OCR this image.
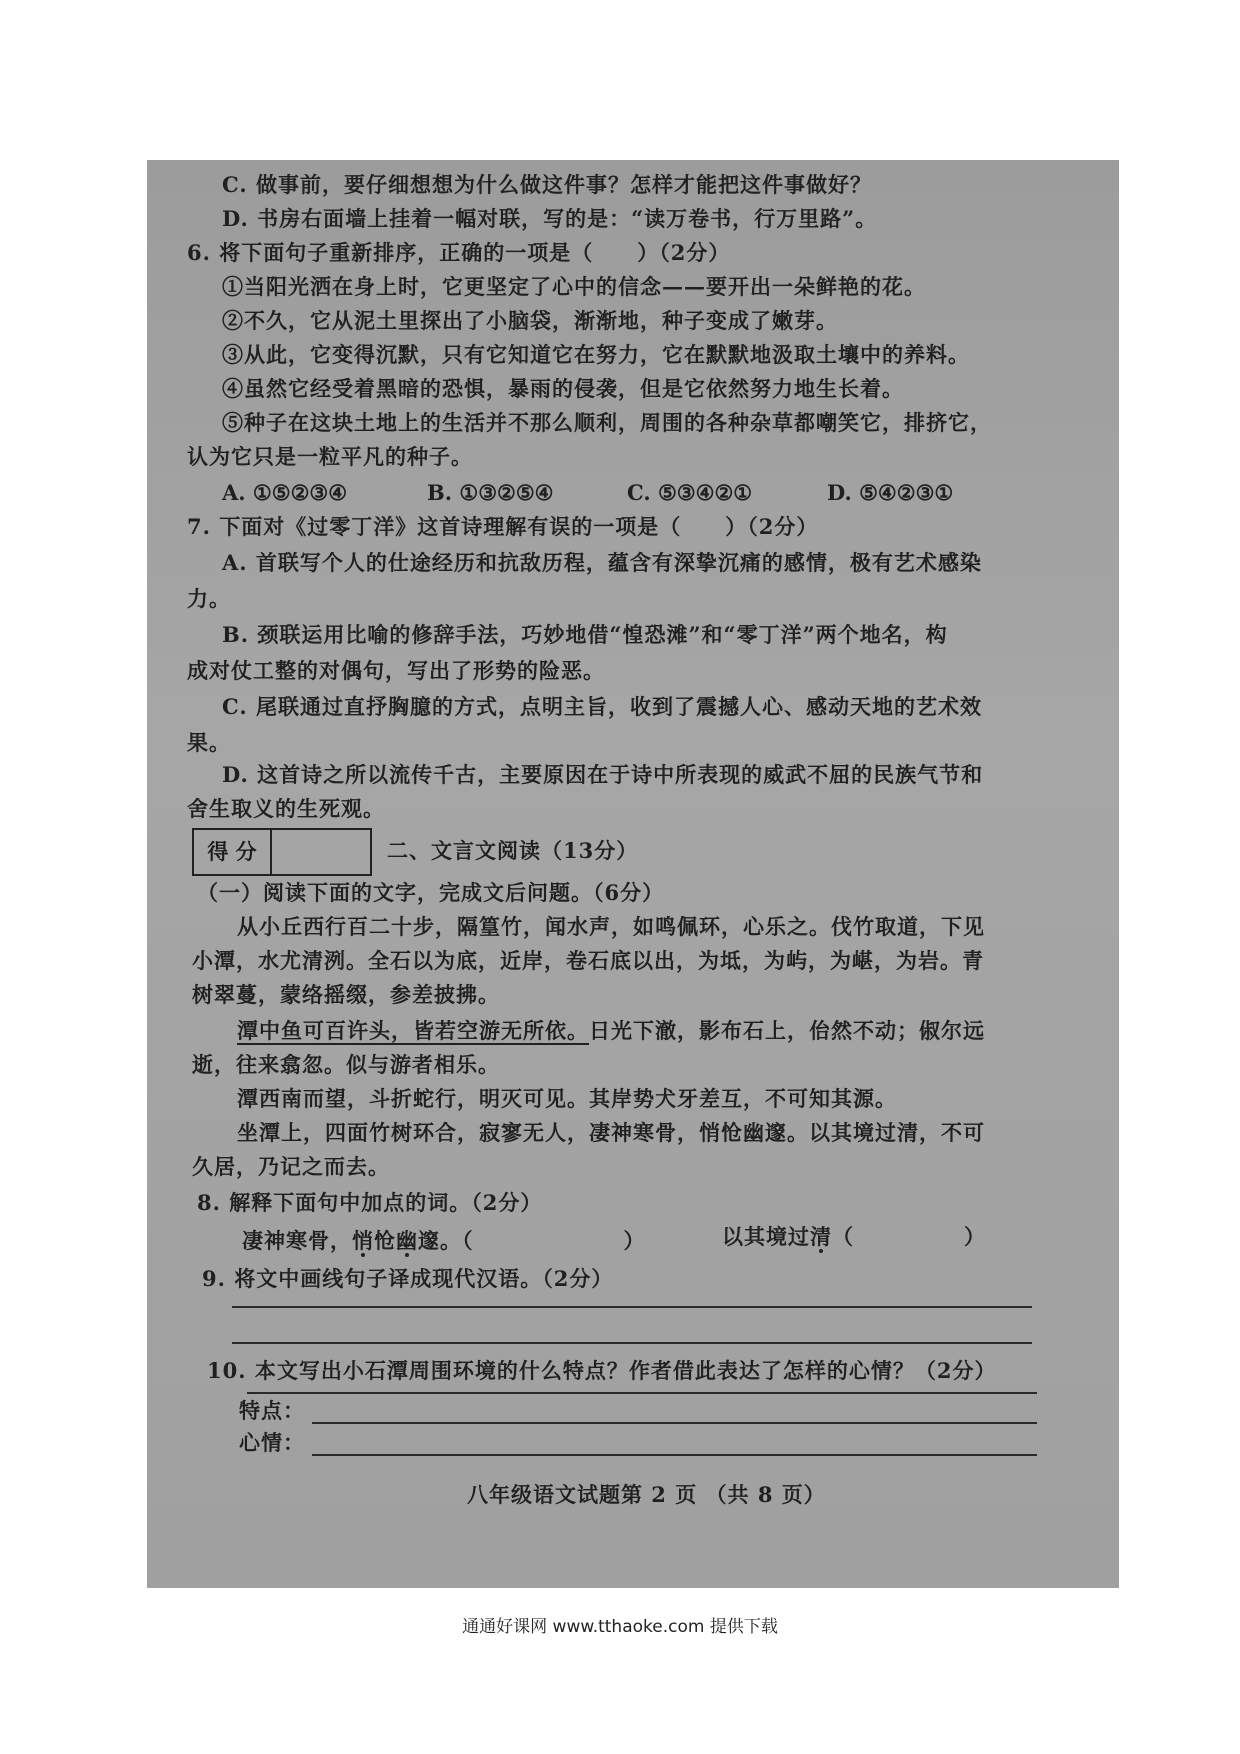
C. 做事前，要仔细想想为什么做这件事？怎样才能把这件事做好？
D. 书房右面墙上挂着一幅对联，写的是：“读万卷书，行万里路”。
6. 将下面句子重新排序，正确的一项是（　　）（2分）
①当阳光洒在身上时，它更坚定了心中的信念——要开出一朵鲜艳的花。
②不久，它从泥土里探出了小脑袋，渐渐地，种子变成了嫩芽。
③从此，它变得沉默，只有它知道它在努力，它在默默地汲取土壤中的养料。
④虽然它经受着黑暗的恐惧，暴雨的侵袭，但是它依然努力地生长着。
⑤种子在这块土地上的生活并不那么顺利，周围的各种杂草都嘲笑它，排挤它，
认为它只是一粒平凡的种子。
A. ①⑤②③④	B. ①③②⑤④	C. ⑤③④②①	D. ⑤④②③①
7. 下面对《过零丁洋》这首诗理解有误的一项是（　　）（2分）
A. 首联写个人的仕途经历和抗敌历程，蕴含有深挚沉痛的感情，极有艺术感染
力。
B. 颈联运用比喻的修辞手法，巧妙地借“惶恐滩”和“零丁洋”两个地名，构
成对仗工整的对偶句，写出了形势的险恶。
C. 尾联通过直抒胸臆的方式，点明主旨，收到了震撼人心、感动天地的艺术效
果。
D. 这首诗之所以流传千古，主要原因在于诗中所表现的威武不屈的民族气节和
舍生取义的生死观。
得 分	二、文言文阅读（13分）
（一）阅读下面的文字，完成文后问题。（6分）
从小丘西行百二十步，隔篁竹，闻水声，如鸣佩环，心乐之。伐竹取道，下见
小潭，水尤清洌。全石以为底，近岸，卷石底以出，为坻，为屿，为嵁，为岩。青
树翠蔓，蒙络摇缀，参差披拂。
潭中鱼可百许头，皆若空游无所依。日光下澈，影布石上，佁然不动；俶尔远
逝，往来翕忽。似与游者相乐。
潭西南而望，斗折蛇行，明灭可见。其岸势犬牙差互，不可知其源。
坐潭上，四面竹树环合，寂寥无人，凄神寒骨，悄怆幽邃。以其境过清，不可
久居，乃记之而去。
8. 解释下面句中加点的词。（2分）
凄神寒骨，悄怆幽邃。（	）	以其境过清（	）
9. 将文中画线句子译成现代汉语。（2分）
10. 本文写出小石潭周围环境的什么特点？作者借此表达了怎样的心情？（2分）
特点：
心情：
八年级语文试题第 2 页 （共 8 页）
通通好课网 www.tthaoke.com 提供下载
